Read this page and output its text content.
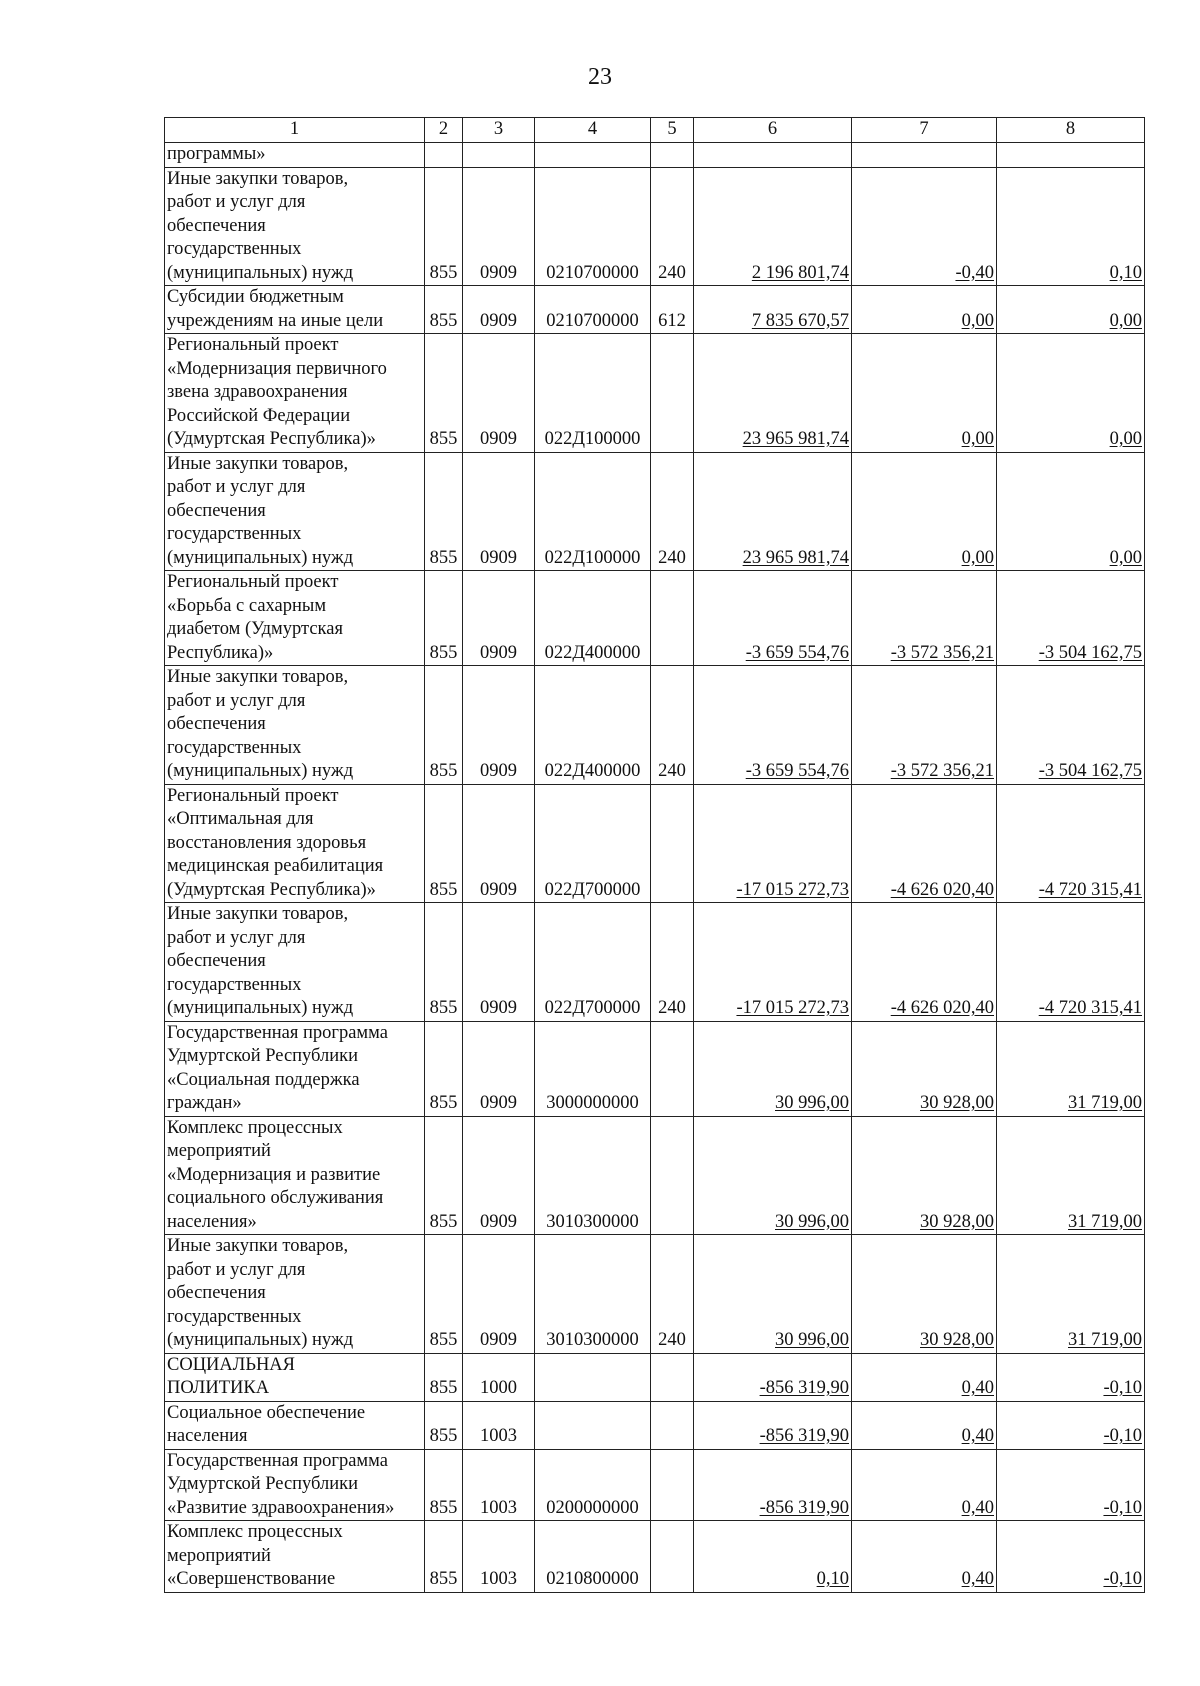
23
1	2	3	4	5	6	7	8
программы»							
Иные закупки товаров,
работ и услуг для
обеспечения
государственных
(муниципальных) нужд	855	0909	0210700000	240	2 196 801,74	-0,40	0,10
Субсидии бюджетным
учреждениям на иные цели	855	0909	0210700000	612	7 835 670,57	0,00	0,00
Региональный проект
«Модернизация первичного
звена здравоохранения
Российской Федерации
(Удмуртская Республика)»	855	0909	022Д100000		23 965 981,74	0,00	0,00
Иные закупки товаров,
работ и услуг для
обеспечения
государственных
(муниципальных) нужд	855	0909	022Д100000	240	23 965 981,74	0,00	0,00
Региональный проект
«Борьба с сахарным
диабетом (Удмуртская
Республика)»	855	0909	022Д400000		-3 659 554,76	-3 572 356,21	-3 504 162,75
Иные закупки товаров,
работ и услуг для
обеспечения
государственных
(муниципальных) нужд	855	0909	022Д400000	240	-3 659 554,76	-3 572 356,21	-3 504 162,75
Региональный проект
«Оптимальная для
восстановления здоровья
медицинская реабилитация
(Удмуртская Республика)»	855	0909	022Д700000		-17 015 272,73	-4 626 020,40	-4 720 315,41
Иные закупки товаров,
работ и услуг для
обеспечения
государственных
(муниципальных) нужд	855	0909	022Д700000	240	-17 015 272,73	-4 626 020,40	-4 720 315,41
Государственная программа
Удмуртской Республики
«Социальная поддержка
граждан»	855	0909	3000000000		30 996,00	30 928,00	31 719,00
Комплекс процессных
мероприятий
«Модернизация и развитие
социального обслуживания
населения»	855	0909	3010300000		30 996,00	30 928,00	31 719,00
Иные закупки товаров,
работ и услуг для
обеспечения
государственных
(муниципальных) нужд	855	0909	3010300000	240	30 996,00	30 928,00	31 719,00
СОЦИАЛЬНАЯ
ПОЛИТИКА	855	1000			-856 319,90	0,40	-0,10
Социальное обеспечение
населения	855	1003			-856 319,90	0,40	-0,10
Государственная программа
Удмуртской Республики
«Развитие здравоохранения»	855	1003	0200000000		-856 319,90	0,40	-0,10
Комплекс процессных
мероприятий
«Совершенствование	855	1003	0210800000		0,10	0,40	-0,10
